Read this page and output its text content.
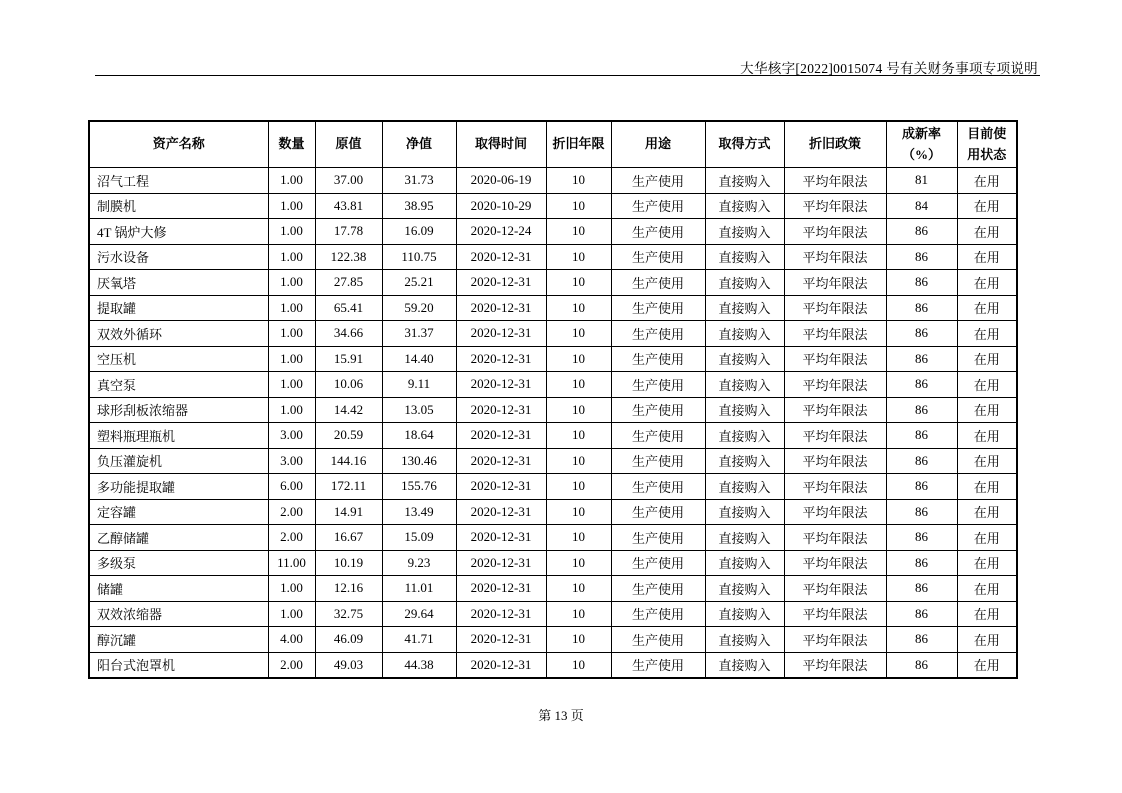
大华核字[2022]0015074 号有关财务事项专项说明
资产名称	数量	原值	净值	取得时间	折旧年限	用途	取得方式	折旧政策	成新率（%）	目前使用状态
沼气工程	1.00	37.00	31.73	2020-06-19	10	生产使用	直接购入	平均年限法	81	在用
制膜机	1.00	43.81	38.95	2020-10-29	10	生产使用	直接购入	平均年限法	84	在用
4T 锅炉大修	1.00	17.78	16.09	2020-12-24	10	生产使用	直接购入	平均年限法	86	在用
污水设备	1.00	122.38	110.75	2020-12-31	10	生产使用	直接购入	平均年限法	86	在用
厌氧塔	1.00	27.85	25.21	2020-12-31	10	生产使用	直接购入	平均年限法	86	在用
提取罐	1.00	65.41	59.20	2020-12-31	10	生产使用	直接购入	平均年限法	86	在用
双效外循环	1.00	34.66	31.37	2020-12-31	10	生产使用	直接购入	平均年限法	86	在用
空压机	1.00	15.91	14.40	2020-12-31	10	生产使用	直接购入	平均年限法	86	在用
真空泵	1.00	10.06	9.11	2020-12-31	10	生产使用	直接购入	平均年限法	86	在用
球形刮板浓缩器	1.00	14.42	13.05	2020-12-31	10	生产使用	直接购入	平均年限法	86	在用
塑料瓶理瓶机	3.00	20.59	18.64	2020-12-31	10	生产使用	直接购入	平均年限法	86	在用
负压灌旋机	3.00	144.16	130.46	2020-12-31	10	生产使用	直接购入	平均年限法	86	在用
多功能提取罐	6.00	172.11	155.76	2020-12-31	10	生产使用	直接购入	平均年限法	86	在用
定容罐	2.00	14.91	13.49	2020-12-31	10	生产使用	直接购入	平均年限法	86	在用
乙醇储罐	2.00	16.67	15.09	2020-12-31	10	生产使用	直接购入	平均年限法	86	在用
多级泵	11.00	10.19	9.23	2020-12-31	10	生产使用	直接购入	平均年限法	86	在用
储罐	1.00	12.16	11.01	2020-12-31	10	生产使用	直接购入	平均年限法	86	在用
双效浓缩器	1.00	32.75	29.64	2020-12-31	10	生产使用	直接购入	平均年限法	86	在用
醇沉罐	4.00	46.09	41.71	2020-12-31	10	生产使用	直接购入	平均年限法	86	在用
阳台式泡罩机	2.00	49.03	44.38	2020-12-31	10	生产使用	直接购入	平均年限法	86	在用
第 13 页
